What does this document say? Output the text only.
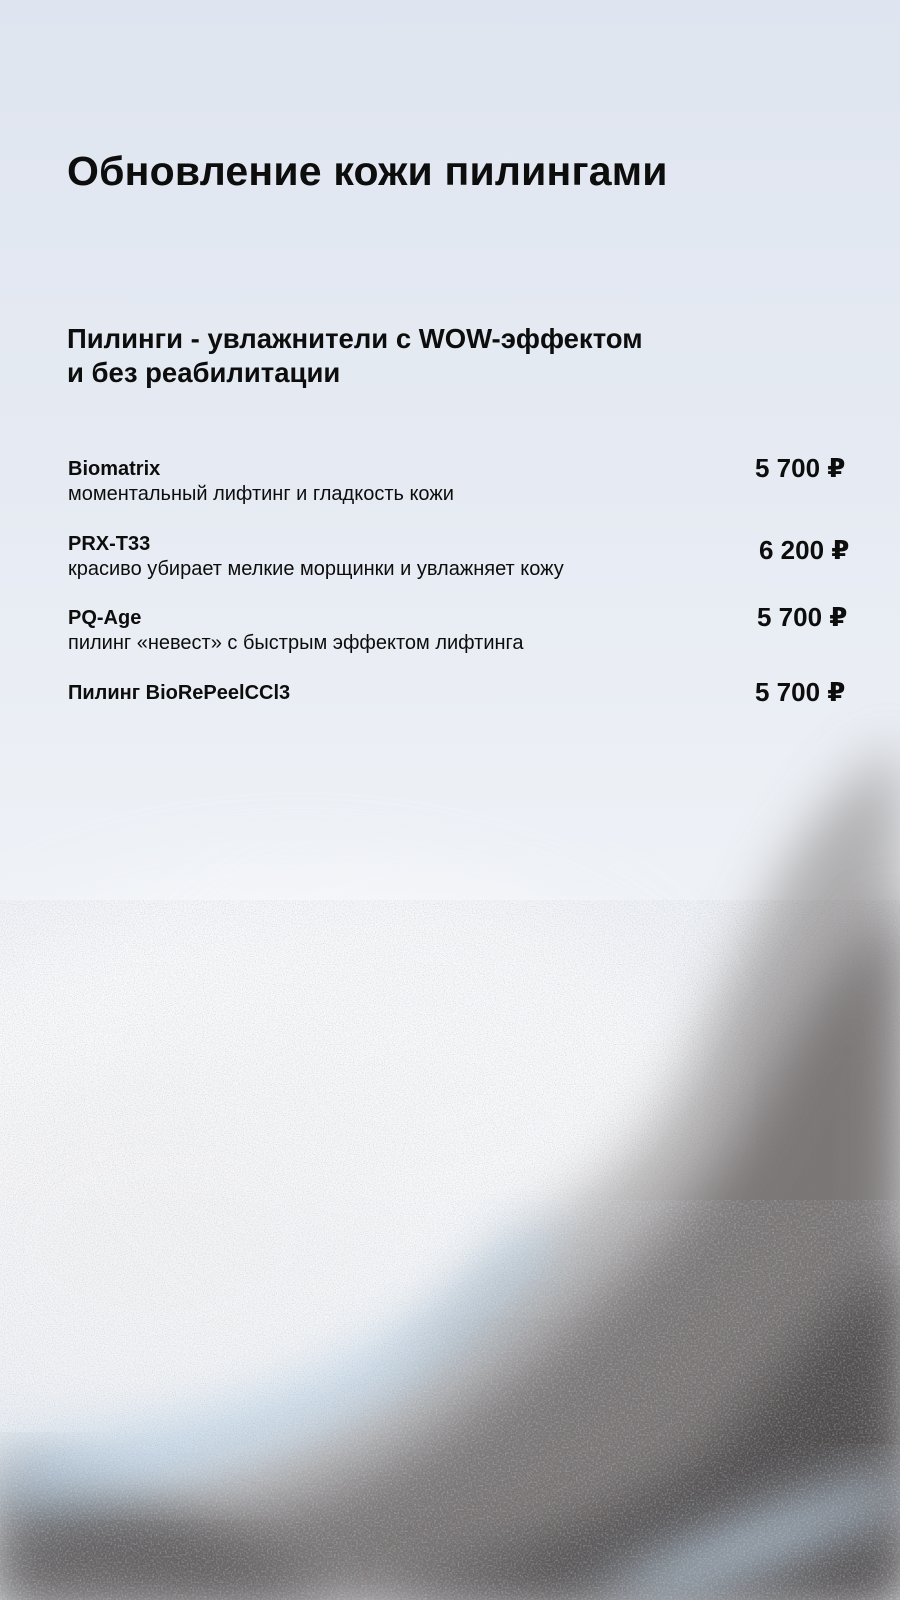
Обновление кожи пилингами
Пилинги - увлажнители с WOW-эффектом
и без реабилитации
Biomatrix
моментальный лифтинг и гладкость кожи
5 700 ₽
PRX-T33
красиво убирает мелкие морщинки и увлажняет кожу
6 200 ₽
PQ-Age
пилинг «невест» с быстрым эффектом лифтинга
5 700 ₽
Пилинг BioRePeelCCl3	5 700 ₽
